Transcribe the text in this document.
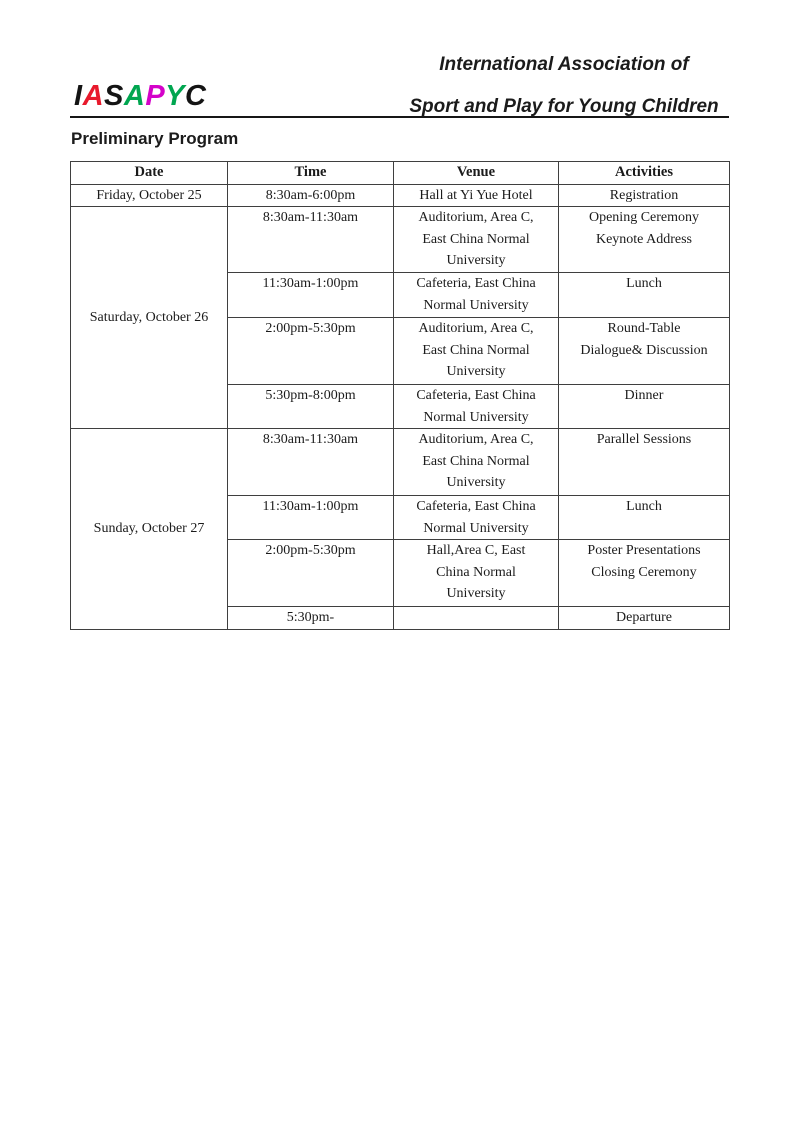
IASAPYC
International Association of
Sport and Play for Young Children
Preliminary Program
Date	Time	Venue	Activities
Friday, October 25	8:30am-6:00pm	Hall at Yi Yue Hotel	Registration

Saturday, October 26	8:30am-11:30am	Auditorium, Area C,
East China Normal
University	Opening Ceremony
Keynote Address

	11:30am-1:00pm	Cafeteria, East China
Normal University	Lunch

	2:00pm-5:30pm	Auditorium, Area C,
East China Normal
University	Round-Table
Dialogue& Discussion

	5:30pm-8:00pm	Cafeteria, East China
Normal University	Dinner

Sunday, October 27	8:30am-11:30am	Auditorium, Area C,
East China Normal
University	Parallel Sessions

	11:30am-1:00pm	Cafeteria, East China
Normal University	Lunch

	2:00pm-5:30pm	Hall,Area C, East
China Normal
University	Poster Presentations
Closing Ceremony

	5:30pm-		Departure
